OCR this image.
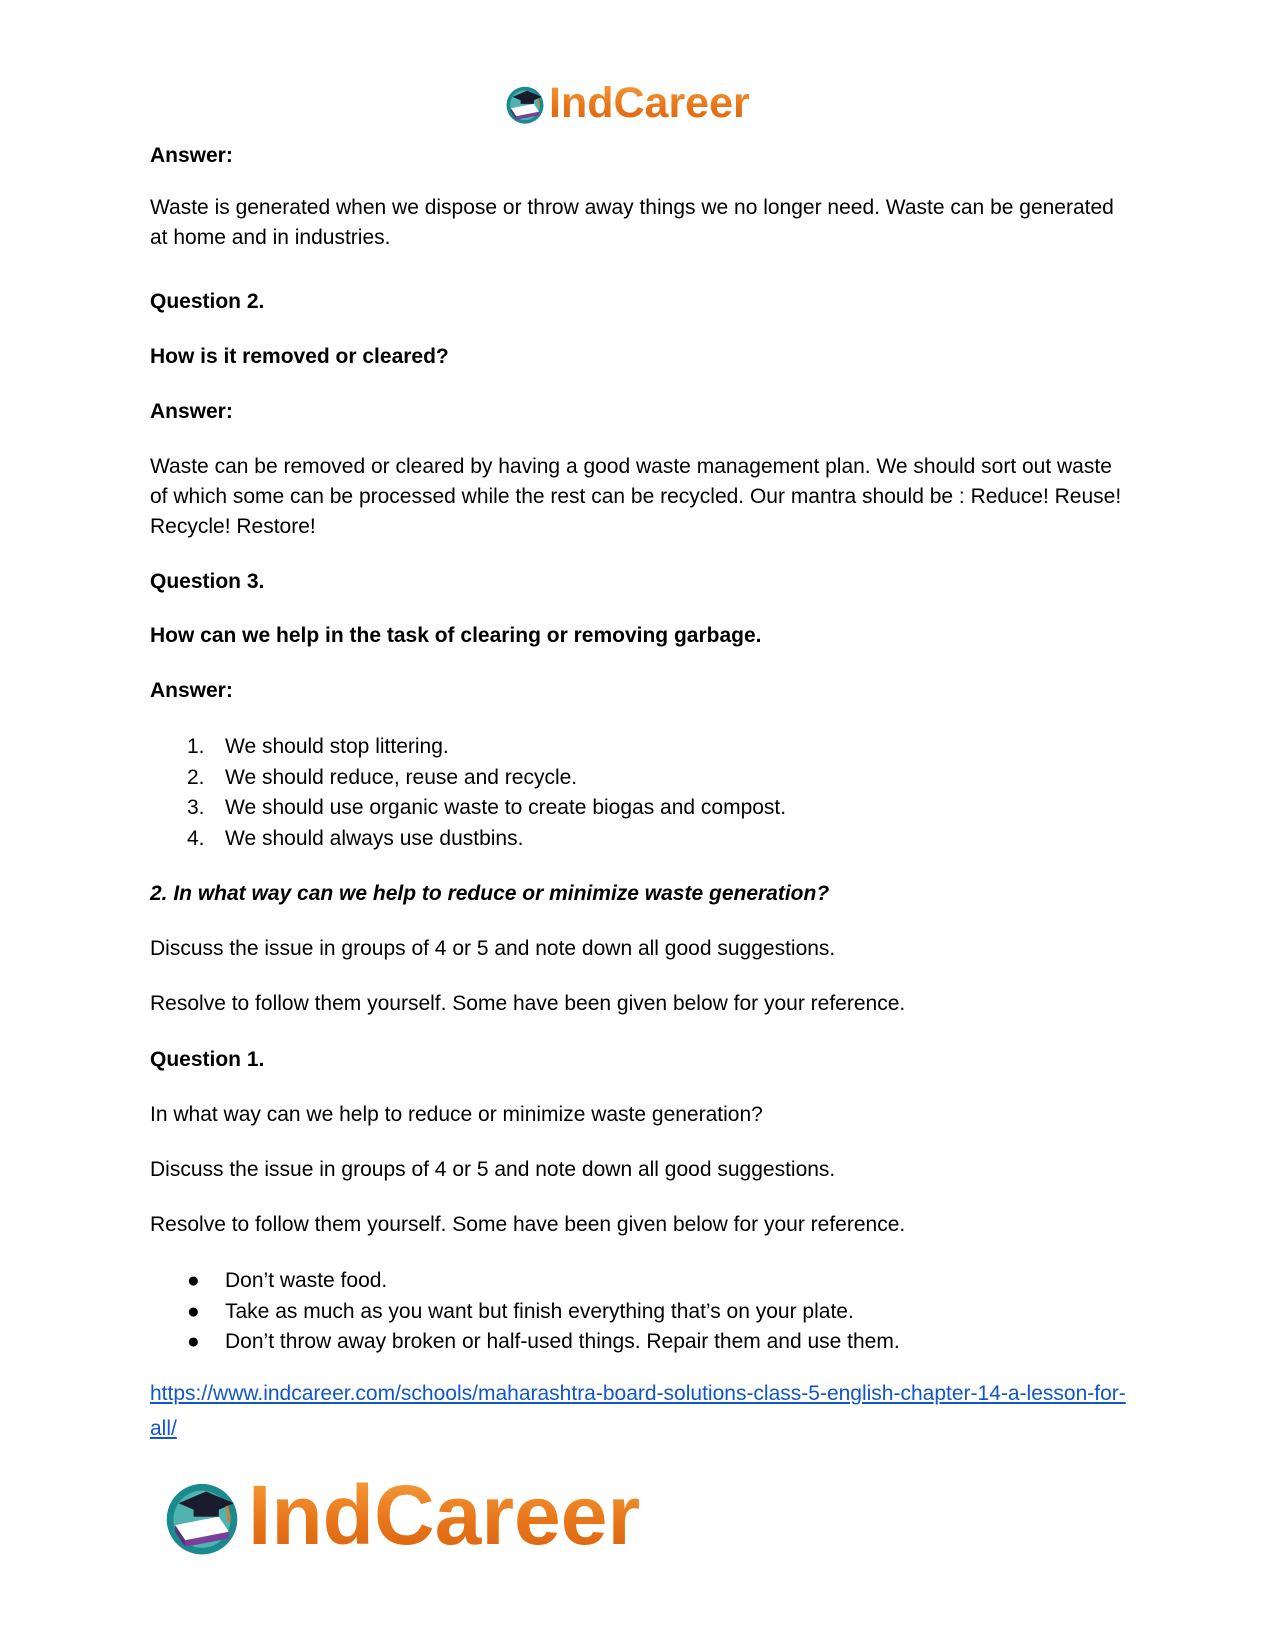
IndCareer

Answer:

Waste is generated when we dispose or throw away things we no longer need. Waste can be generated at home and in industries.

Question 2.

How is it removed or cleared?

Answer:

Waste can be removed or cleared by having a good waste management plan. We should sort out waste of which some can be processed while the rest can be recycled. Our mantra should be : Reduce! Reuse! Recycle! Restore!

Question 3.

How can we help in the task of clearing or removing garbage.

Answer:

1. We should stop littering.
2. We should reduce, reuse and recycle.
3. We should use organic waste to create biogas and compost.
4. We should always use dustbins.

2. In what way can we help to reduce or minimize waste generation?

Discuss the issue in groups of 4 or 5 and note down all good suggestions.

Resolve to follow them yourself. Some have been given below for your reference.

Question 1.

In what way can we help to reduce or minimize waste generation?

Discuss the issue in groups of 4 or 5 and note down all good suggestions.

Resolve to follow them yourself. Some have been given below for your reference.

●	Don’t waste food.
●	Take as much as you want but finish everything that’s on your plate.
●	Don’t throw away broken or half-used things. Repair them and use them.
https://www.indcareer.com/schools/maharashtra-board-solutions-class-5-english-chapter-14-a-lesson-for-all/
IndCareer
